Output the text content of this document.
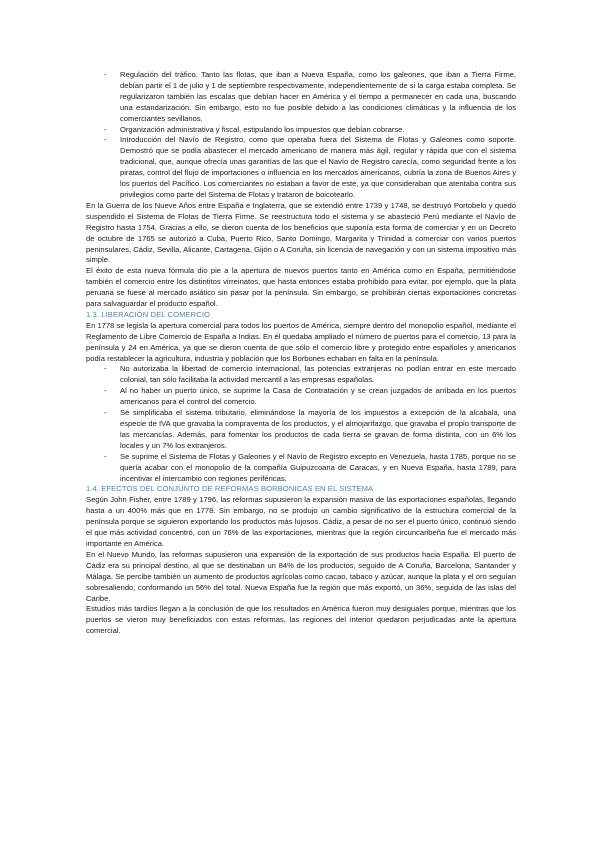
- Regulación del tráfico. Tanto las flotas, que iban a Nueva España, como los galeones, que iban a Tierra Firme, debían partir el 1 de julio y 1 de septiembre respectivamente, independientemente de si la carga estaba completa. Se regularizaron también las escalas que debían hacer en América y el tiempo a permanecer en cada una, buscando una estandarización. Sin embargo, esto no fue posible debido a las condiciones climáticas y la influencia de los comerciantes sevillanos.
- Organización administrativa y fiscal, estipulando los impuestos que debían cobrarse.
- Introducción del Navío de Registro, como que operaba fuera del Sistema de Flotas y Galeones como soporte. Demostró que se podía abastecer el mercado americano de manera más ágil, regular y rápida que con el sistema tradicional, que, aunque ofrecía unas garantías de las que el Navío de Registro carecía, como seguridad frente a los piratas, control del flujo de importaciones o influencia en los mercados americanos, cubría la zona de Buenos Aires y los puertos del Pacífico. Los comerciantes no estaban a favor de este, ya que consideraban que atentaba contra sus privilegios como parte del Sistema de Flotas y trataron de boicotearlo.

En la Guerra de los Nueve Años entre España e Inglaterra, que se extendió entre 1739 y 1748, se destruyó Portobelo y quedó suspendido el Sistema de Flotas de Tierra Firme. Se reestructura todo el sistema y se abasteció Perú mediante el Navío de Registro hasta 1754. Gracias a ello, se dieron cuenta de los beneficios que suponía esta forma de comerciar y en un Decreto de octubre de 1765 se autorizó a Cuba, Puerto Rico, Santo Domingo, Margarita y Trinidad a comerciar con varios puertos peninsulares, Cádiz, Sevilla, Alicante, Cartagena, Gijón o A Coruña, sin licencia de navegación y con un sistema impositivo más simple.

El éxito de esta nueva fórmula dio pie a la apertura de nuevos puertos tanto en América como en España, permitiéndose también el comercio entre los distintitos virreinatos, que hasta entonces estaba prohibido para evitar, por ejemplo, que la plata peruana se fuese al mercado asiático sin pasar por la península. Sin embargo, se prohibirán ciertas exportaciones concretas para salvaguardar el producto español.

1.3. LIBERACIÓN DEL COMERCIO

En 1778 se legisla la apertura comercial para todos los puertos de América, siempre dentro del monopolio español, mediante el Reglamento de Libre Comercio de España a Indias. En él quedaba ampliado el número de puertos para el comercio, 13 para la península y 24 en América, ya que se dieron cuenta de que sólo el comercio libre y protegido entre españoles y americanos podía restablecer la agricultura, industria y población que los Borbones echaban en falta en la península.

- No autorizaba la libertad de comercio internacional, las potencias extranjeras no podían entrar en este mercado colonial, tan sólo facilitaba la actividad mercantil a las empresas españolas.
- Al no haber un puerto único, se suprime la Casa de Contratación y se crean juzgados de arribada en los puertos americanos para el control del comercio.
- Se simplificaba el sistema tributario, eliminándose la mayoría de los impuestos a excepción de la alcabala, una especie de IVA que gravaba la compraventa de los productos, y el almojarifazgo, que gravaba el propio transporte de las mercancías. Además, para fomentar los productos de cada tierra se gravan de forma distinta, con un 6% los locales y un 7% los extranjeros.
- Se suprime el Sistema de Flotas y Galeones y el Navío de Registro excepto en Venezuela, hasta 1785, porque no se quería acabar con el monopolio de la compañía Guipuzcoana de Caracas, y en Nueva España, hasta 1789, para incentivar el intercambio con regiones periféricas.
1.4. EFECTOS DEL CONJUNTO DE REFORMAS BORBÓNICAS EN EL SISTEMA

Según John Fisher, entre 1789 y 1796, las reformas supusieron la expansión masiva de las exportaciones españolas, llegando hasta a un 400% más que en 1778. Sin embargo, no se produjo un cambio significativo de la estructura comercial de la península porque se siguieron exportando los productos más lujosos. Cádiz, a pesar de no ser el puerto único, continuó siendo el que más actividad concentró, con un 76% de las exportaciones, mientras que la región circuncaribeña fue el mercado más importante en América.

En el Nuevo Mundo, las reformas supusieron una expansión de la exportación de sus productos hacia España. El puerto de Cádiz era su principal destino, al que se destinaban un 84% de los productos, seguido de A Coruña, Barcelona, Santander y Málaga. Se percibe también un aumento de productos agrícolas como cacao, tabaco y azúcar, aunque la plata y el oro seguían sobresaliendo, conformando un 56% del total. Nueva España fue la región que más exportó, un 36%, seguida de las islas del Caribe.

Estudios más tardíos llegan a la conclusión de que los resultados en América fueron muy desiguales porque, mientras que los puertos se vieron muy beneficiados con estas reformas, las regiones del interior quedaron perjudicadas ante la apertura comercial.
